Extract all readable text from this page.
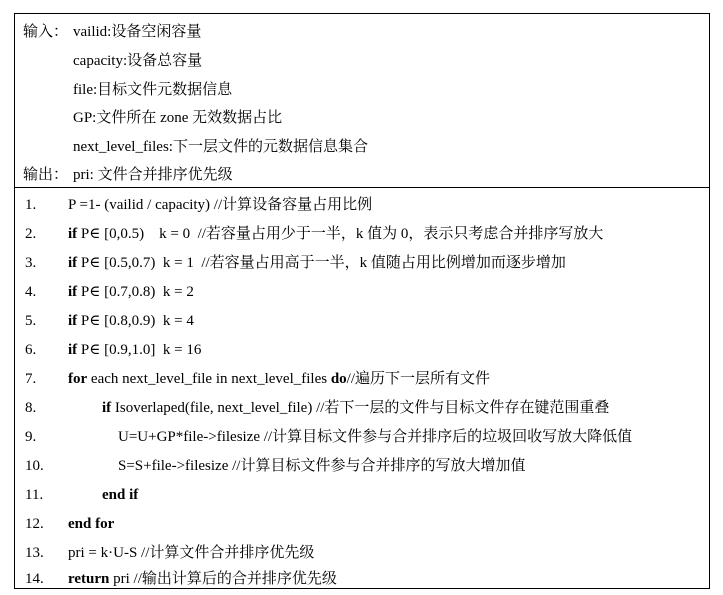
输入： vailid:设备空闲容量
capacity:设备总容量
file:目标文件元数据信息
GP:文件所在 zone 无效数据占比
next_level_files:下一层文件的元数据信息集合
输出： pri: 文件合并排序优先级
1. P =1- (vailid / capacity) //计算设备容量占用比例
2. if P∈ [0,0.5)    k = 0  //若容量占用少于一半，k 值为 0，表示只考虑合并排序写放大
3. if P∈ [0.5,0.7)  k = 1  //若容量占用高于一半，k 值随占用比例增加而逐步增加
4. if P∈ [0.7,0.8)  k = 2
5. if P∈ [0.8,0.9)  k = 4
6. if P∈ [0.9,1.0]  k = 16
7. for each next_level_file in next_level_files do//遍历下一层所有文件
8.	if Isoverlaped(file, next_level_file) //若下一层的文件与目标文件存在键范围重叠
9.	U=U+GP*file->filesize //计算目标文件参与合并排序后的垃圾回收写放大降低值
10.	S=S+file->filesize //计算目标文件参与合并排序的写放大增加值
11.	end if
12. end for
13. pri = k·U-S //计算文件合并排序优先级
14. return pri //输出计算后的合并排序优先级
